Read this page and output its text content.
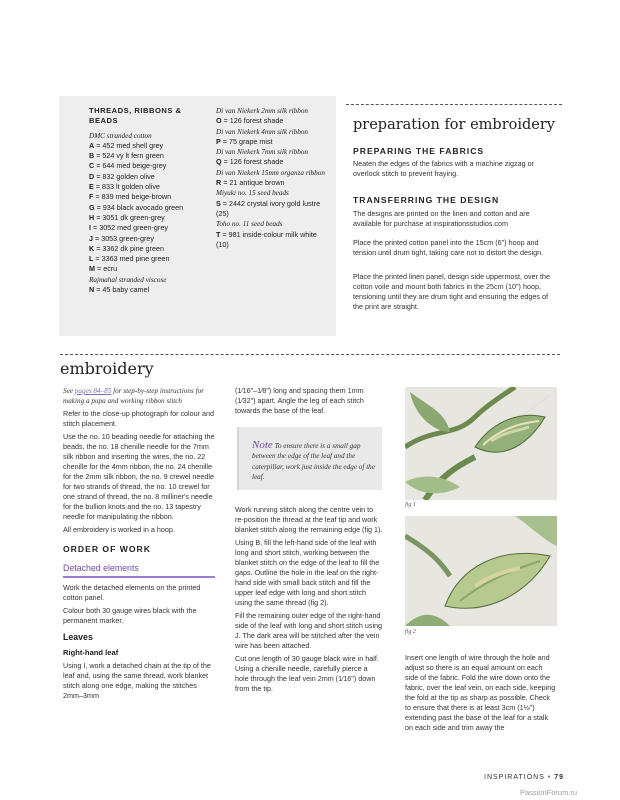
THREADS, RIBBONS & BEADS
DMC stranded cotton
A = 452 med shell grey
B = 524 vy lt fern green
C = 644 med beige-grey
D = 832 golden olive
E = 833 lt golden olive
F = 839 med beige-brown
G = 934 black avocado green
H = 3051 dk green-grey
I = 3052 med green-grey
J = 3053 green-grey
K = 3362 dk pine green
L = 3363 med pine green
M = ecru
Rajmahal stranded viscose
N = 45 baby camel
Di van Niekerk 2mm silk ribbon
O = 126 forest shade
Di van Niekerk 4mm silk ribbon
P = 75 grape mist
Di van Niekerk 7mm silk ribbon
Q = 126 forest shade
Di van Niekerk 15mm organza ribbon
R = 21 antique brown
Miyuki no. 15 seed beads
S = 2442 crystal ivory gold lustre (25)
Toho no. 11 seed beads
T = 981 inside-colour milk white (10)
preparation for embroidery
PREPARING THE FABRICS
Neaten the edges of the fabrics with a machine zigzag or overlock stitch to prevent fraying.
TRANSFERRING THE DESIGN
The designs are printed on the linen and cotton and are available for purchase at inspirationsstudios.com
Place the printed cotton panel into the 15cm (6") hoop and tension until drum tight, taking care not to distort the design.
Place the printed linen panel, design side uppermost, over the cotton voile and mount both fabrics in the 25cm (10") hoop, tensioning until they are drum tight and ensuring the edges of the print are straight.
embroidery

See pages 84–85 for step-by-step instructions for making a pupa and working ribbon stitch

Refer to the close-up photograph for colour and stitch placement.

Use the no. 10 beading needle for attaching the beads, the no. 18 chenille needle for the 7mm silk ribbon and inserting the wires, the no. 22 chenille for the 4mm ribbon, the no. 24 chenille for the 2mm silk ribbon, the no. 9 crewel needle for two strands of thread, the no. 10 crewel for one strand of thread, the no. 8 milliner's needle for the bullion knots and the no. 13 tapestry needle for manipulating the ribbon.

All embroidery is worked in a hoop.

ORDER OF WORK
Detached elements

Work the detached elements on the printed cotton panel.

Colour both 30 gauge wires black with the permanent marker.

Leaves
Right-hand leaf

Using I, work a detached chain at the tip of the leaf and, using the same thread, work blanket stitch along one edge, making the stitches 2mm–3mm

(1⁄16"–1⁄8") long and spacing them 1mm (1⁄32") apart. Angle the leg of each stitch towards the base of the leaf.

Note To ensure there is a small gap between the edge of the leaf and the caterpillar, work just inside the edge of the leaf.

Work running stitch along the centre vein to re-position the thread at the leaf tip and work blanket stitch along the remaining edge (fig 1).

Using B, fill the left-hand side of the leaf with long and short stitch, working between the blanket stitch on the edge of the leaf to fill the gaps. Outline the hole in the leaf on the right-hand side with small back stitch and fill the upper leaf edge with long and short stitch using the same thread (fig 2).

Fill the remaining outer edge of the right-hand side of the leaf with long and short stitch using J. The dark area will be stitched after the vein wire has been attached.

Cut one length of 30 gauge black wire in half. Using a chenille needle, carefully pierce a hole through the leaf vein 2mm (1⁄16") down from the tip.

fig 1
fig 2

Insert one length of wire through the hole and adjust so there is an equal amount on each side of the fabric. Fold the wire down onto the fabric, over the leaf vein, on each side, keeping the fold at the tip as sharp as possible. Check to ensure that there is at least 3cm (1⅛") extending past the base of the leaf for a stalk on each side and trim away the

INSPIRATIONS • 79
PassionForum.ru
